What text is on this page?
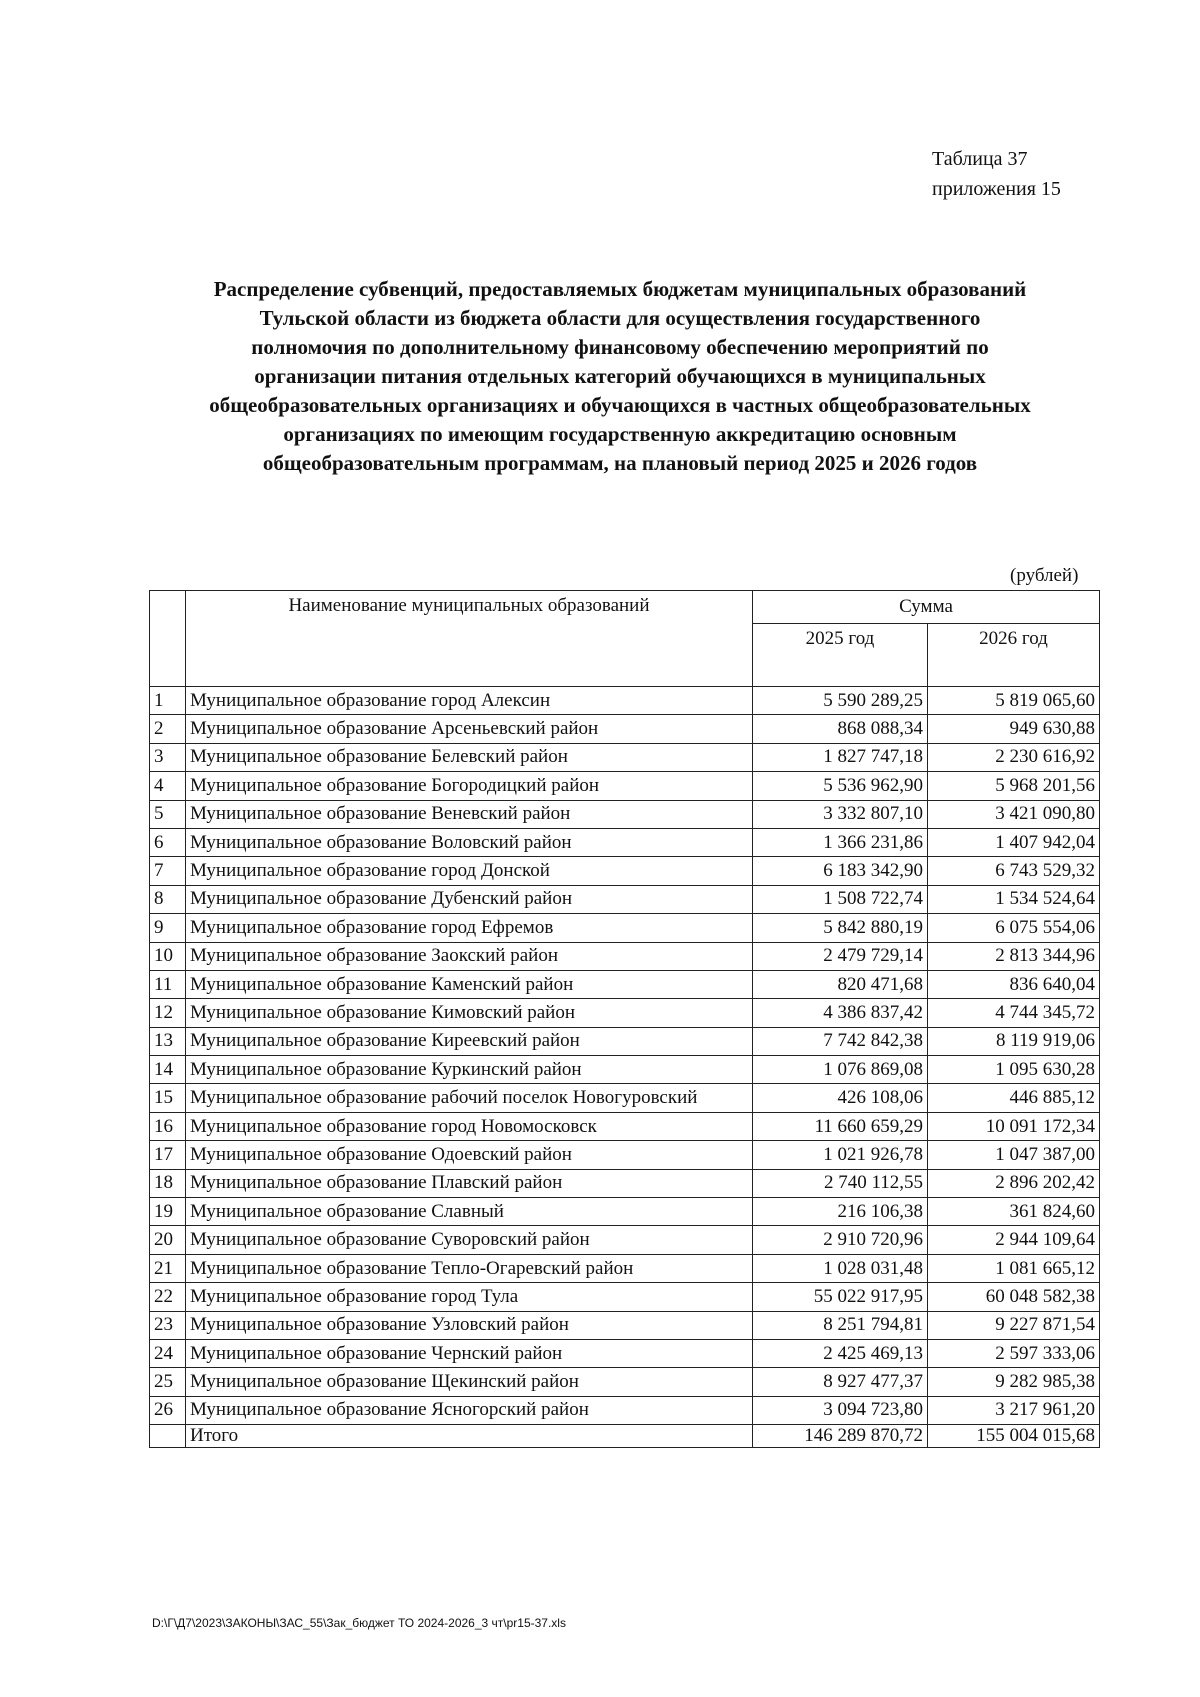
Таблица 37
приложения 15
Распределение субвенций, предоставляемых бюджетам муниципальных образований
Тульской области из бюджета области для осуществления государственного
полномочия по дополнительному финансовому обеспечению мероприятий по
организации питания отдельных категорий обучающихся в муниципальных
общеобразовательных организациях и обучающихся в частных общеобразовательных
организациях по имеющим государственную аккредитацию основным
общеобразовательным программам, на плановый период 2025 и 2026 годов
(рублей)
	Наименование муниципальных образований	Сумма	
		2025 год	2026 год
1	Муниципальное образование город Алексин	5 590 289,25	5 819 065,60
2	Муниципальное образование Арсеньевский район	868 088,34	949 630,88
3	Муниципальное образование Белевский район	1 827 747,18	2 230 616,92
4	Муниципальное образование Богородицкий район	5 536 962,90	5 968 201,56
5	Муниципальное образование Веневский район	3 332 807,10	3 421 090,80
6	Муниципальное образование Воловский район	1 366 231,86	1 407 942,04
7	Муниципальное образование город Донской	6 183 342,90	6 743 529,32
8	Муниципальное образование Дубенский район	1 508 722,74	1 534 524,64
9	Муниципальное образование город Ефремов	5 842 880,19	6 075 554,06
10	Муниципальное образование Заокский район	2 479 729,14	2 813 344,96
11	Муниципальное образование Каменский район	820 471,68	836 640,04
12	Муниципальное образование Кимовский район	4 386 837,42	4 744 345,72
13	Муниципальное образование Киреевский район	7 742 842,38	8 119 919,06
14	Муниципальное образование Куркинский район	1 076 869,08	1 095 630,28
15	Муниципальное образование рабочий поселок Новогуровский	426 108,06	446 885,12
16	Муниципальное образование город Новомосковск	11 660 659,29	10 091 172,34
17	Муниципальное образование Одоевский район	1 021 926,78	1 047 387,00
18	Муниципальное образование Плавский район	2 740 112,55	2 896 202,42
19	Муниципальное образование Славный	216 106,38	361 824,60
20	Муниципальное образование Суворовский район	2 910 720,96	2 944 109,64
21	Муниципальное образование Тепло-Огаревский район	1 028 031,48	1 081 665,12
22	Муниципальное образование город Тула	55 022 917,95	60 048 582,38
23	Муниципальное образование Узловский район	8 251 794,81	9 227 871,54
24	Муниципальное образование Чернский район	2 425 469,13	2 597 333,06
25	Муниципальное образование Щекинский район	8 927 477,37	9 282 985,38
26	Муниципальное образование Ясногорский район	3 094 723,80	3 217 961,20
	Итого	146 289 870,72	155 004 015,68
D:\Г\Д7\2023\ЗАКОНЫ\ЗАС_55\Зак_бюджет ТО 2024-2026_3 чт\pr15-37.xls
